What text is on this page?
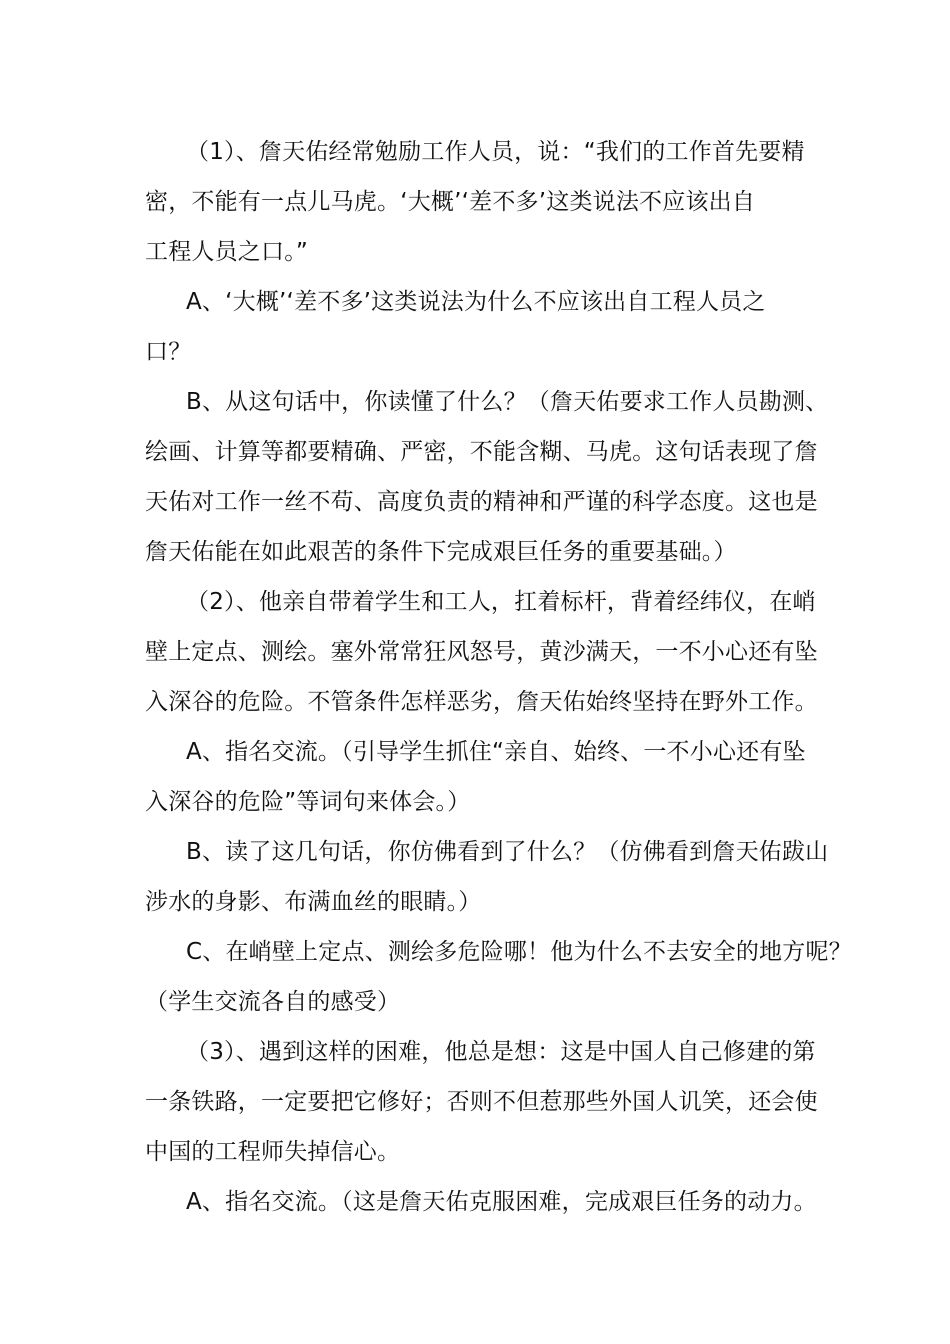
（1）、詹天佑经常勉励工作人员，说：“我们的工作首先要精
密，不能有一点儿马虎。‘大概’‘差不多’这类说法不应该出自
工程人员之口。”
A、‘大概’‘差不多’这类说法为什么不应该出自工程人员之
口？
B、从这句话中，你读懂了什么？（詹天佑要求工作人员勘测、
绘画、计算等都要精确、严密，不能含糊、马虎。这句话表现了詹
天佑对工作一丝不苟、高度负责的精神和严谨的科学态度。这也是
詹天佑能在如此艰苦的条件下完成艰巨任务的重要基础。）
（2）、他亲自带着学生和工人，扛着标杆，背着经纬仪，在峭
壁上定点、测绘。塞外常常狂风怒号，黄沙满天，一不小心还有坠
入深谷的危险。不管条件怎样恶劣，詹天佑始终坚持在野外工作。
A、指名交流。（引导学生抓住“亲自、始终、一不小心还有坠
入深谷的危险”等词句来体会。）
B、读了这几句话，你仿佛看到了什么？（仿佛看到詹天佑跋山
涉水的身影、布满血丝的眼睛。）
C、在峭壁上定点、测绘多危险哪！他为什么不去安全的地方呢？
（学生交流各自的感受）
（3）、遇到这样的困难，他总是想：这是中国人自己修建的第
一条铁路，一定要把它修好；否则不但惹那些外国人讥笑，还会使
中国的工程师失掉信心。
A、指名交流。（这是詹天佑克服困难，完成艰巨任务的动力。
